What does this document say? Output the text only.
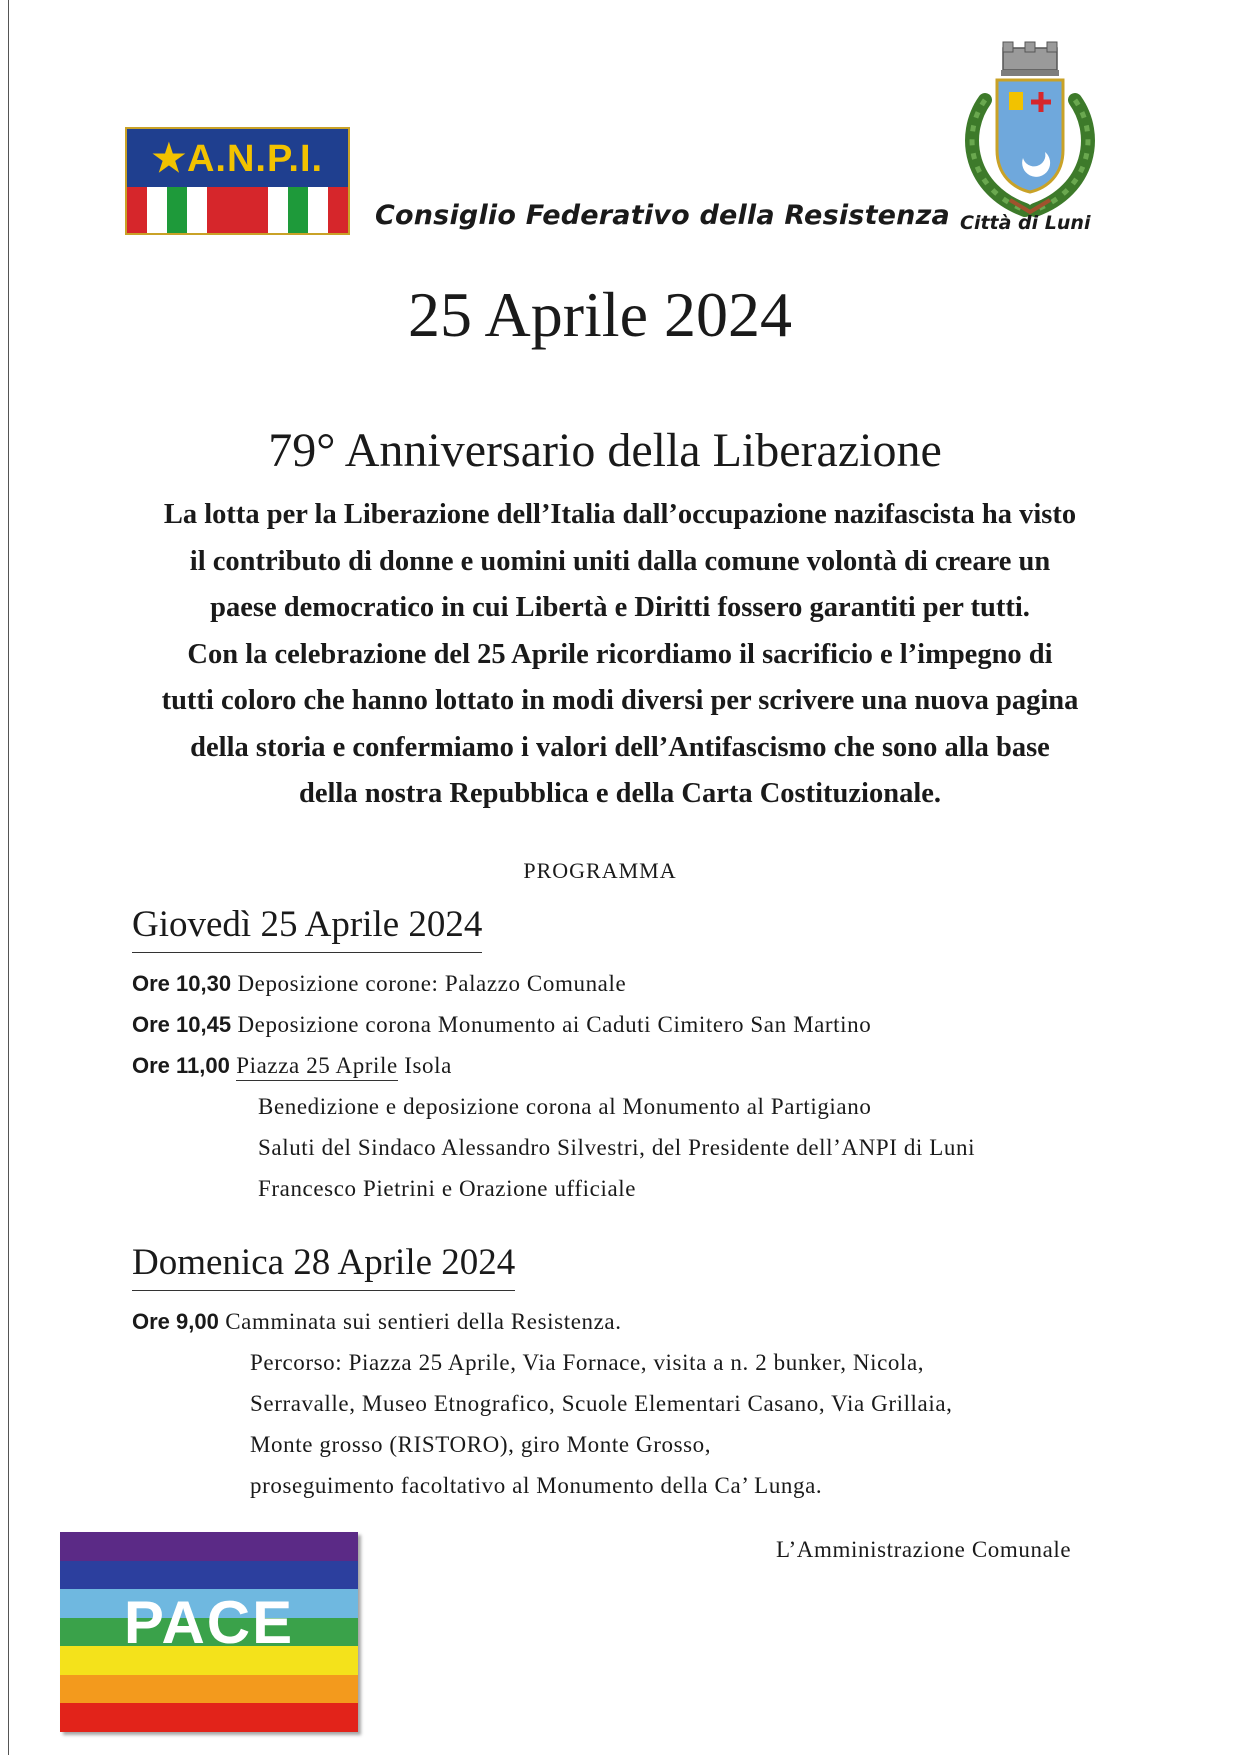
★A.N.P.I.
Consiglio Federativo della Resistenza Città di Luni
25 Aprile 2024
79° Anniversario della Liberazione
La lotta per la Liberazione dell’Italia dall’occupazione nazifascista ha visto
il contributo di donne e uomini uniti dalla comune volontà di creare un
paese democratico in cui Libertà e Diritti fossero garantiti per tutti.
Con la celebrazione del 25 Aprile ricordiamo il sacrificio e l’impegno di
tutti coloro che hanno lottato in modi diversi per scrivere una nuova pagina
della storia e confermiamo i valori dell’Antifascismo che sono alla base
della nostra Repubblica e della Carta Costituzionale.
PROGRAMMA
Giovedì 25 Aprile 2024
Ore 10,30 Deposizione corone: Palazzo Comunale
Ore 10,45 Deposizione corona Monumento ai Caduti Cimitero San Martino
Ore 11,00 Piazza 25 Aprile Isola
Benedizione e deposizione corona al Monumento al Partigiano
Saluti del Sindaco Alessandro Silvestri, del Presidente dell’ANPI di Luni
Francesco Pietrini e Orazione ufficiale
Domenica 28 Aprile 2024
Ore 9,00 Camminata sui sentieri della Resistenza.
Percorso: Piazza 25 Aprile, Via Fornace, visita a n. 2 bunker, Nicola,
Serravalle, Museo Etnografico, Scuole Elementari Casano, Via Grillaia,
Monte grosso (RISTORO), giro Monte Grosso,
proseguimento facoltativo al Monumento della Ca’ Lunga.
L’Amministrazione Comunale
PACE
